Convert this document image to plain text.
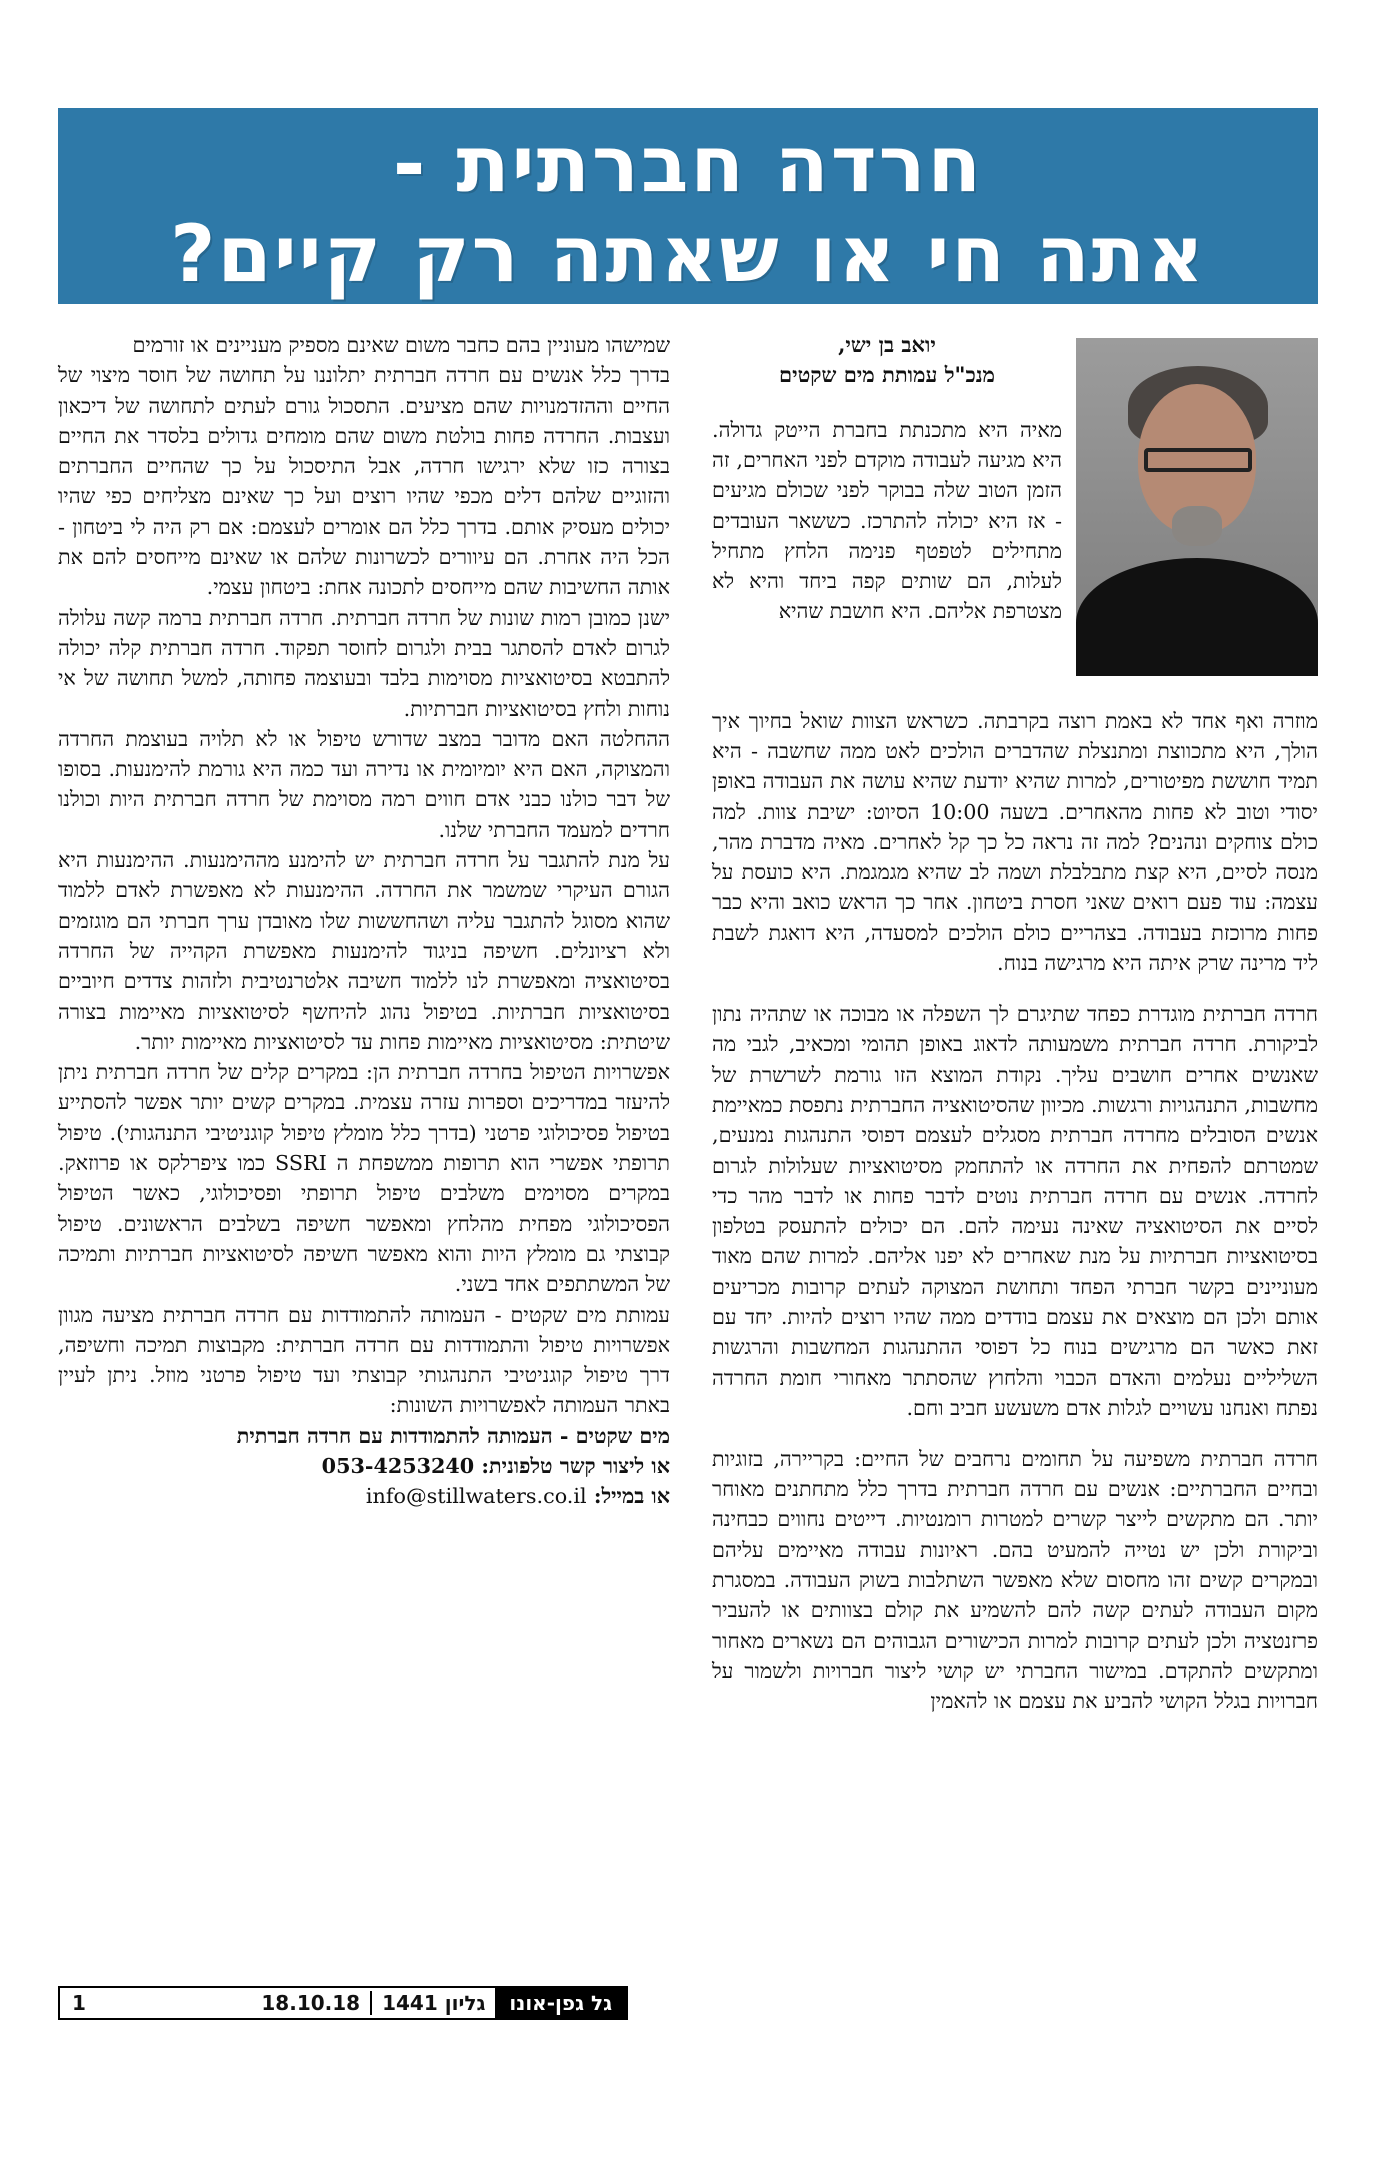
חרדה חברתית -
אתה חי או שאתה רק קיים?
יואב בן ישי,
מנכ"ל עמותת מים שקטים

מאיה היא מתכנתת בחברת הייטק גדולה. היא מגיעה לעבודה מוקדם לפני האחרים, זה הזמן הטוב שלה בבוקר לפני שכולם מגיעים - אז היא יכולה להתרכז. כששאר העובדים מתחילים לטפטף פנימה הלחץ מתחיל לעלות, הם שותים קפה ביחד והיא לא מצטרפת אליהם. היא חושבת שהיא

מוזרה ואף אחד לא באמת רוצה בקרבתה. כשראש הצוות שואל בחיוך איך הולך, היא מתכווצת ומתנצלת שהדברים הולכים לאט ממה שחשבה - היא תמיד חוששת מפיטורים, למרות שהיא יודעת שהיא עושה את העבודה באופן יסודי וטוב לא פחות מהאחרים. בשעה 10:00 הסיוט: ישיבת צוות. למה כולם צוחקים ונהנים? למה זה נראה כל כך קל לאחרים. מאיה מדברת מהר, מנסה לסיים, היא קצת מתבלבלת ושמה לב שהיא מגמגמת. היא כועסת על עצמה: עוד פעם רואים שאני חסרת ביטחון. אחר כך הראש כואב והיא כבר פחות מרוכזת בעבודה. בצהריים כולם הולכים למסעדה, היא דואגת לשבת ליד מרינה שרק איתה היא מרגישה בנוח.

חרדה חברתית מוגדרת כפחד שתיגרם לך השפלה או מבוכה או שתהיה נתון לביקורת. חרדה חברתית משמעותה לדאוג באופן תהומי ומכאיב, לגבי מה שאנשים אחרים חושבים עליך. נקודת המוצא הזו גורמת לשרשרת של מחשבות, התנהגויות ורגשות. מכיוון שהסיטואציה החברתית נתפסת כמאיימת אנשים הסובלים מחרדה חברתית מסגלים לעצמם דפוסי התנהגות נמנעים, שמטרתם להפחית את החרדה או להתחמק מסיטואציות שעלולות לגרום לחרדה. אנשים עם חרדה חברתית נוטים לדבר פחות או לדבר מהר כדי לסיים את הסיטואציה שאינה נעימה להם. הם יכולים להתעסק בטלפון בסיטואציות חברתיות על מנת שאחרים לא יפנו אליהם. למרות שהם מאוד מעוניינים בקשר חברתי הפחד ותחושת המצוקה לעתים קרובות מכריעים אותם ולכן הם מוצאים את עצמם בודדים ממה שהיו רוצים להיות. יחד עם זאת כאשר הם מרגישים בנוח כל דפוסי ההתנהגות המחשבות והרגשות השליליים נעלמים והאדם הכבוי והלחוץ שהסתתר מאחורי חומת החרדה נפתח ואנחנו עשויים לגלות אדם משעשע חביב וחם.

חרדה חברתית משפיעה על תחומים נרחבים של החיים: בקריירה, בזוגיות ובחיים החברתיים: אנשים עם חרדה חברתית בדרך כלל מתחתנים מאוחר יותר. הם מתקשים לייצר קשרים למטרות רומנטיות. דייטים נחווים כבחינה וביקורת ולכן יש נטייה להמעיט בהם. ראיונות עבודה מאיימים עליהם ובמקרים קשים זהו מחסום שלא מאפשר השתלבות בשוק העבודה. במסגרת מקום העבודה לעתים קשה להם להשמיע את קולם בצוותים או להעביר פרזנטציה ולכן לעתים קרובות למרות הכישורים הגבוהים הם נשארים מאחור ומתקשים להתקדם. במישור החברתי יש קושי ליצור חברויות ולשמור על חברויות בגלל הקושי להביע את עצמם או להאמין

שמישהו מעוניין בהם כחבר משום שאינם מספיק מעניינים או זורמים

בדרך כלל אנשים עם חרדה חברתית יתלוננו על תחושה של חוסר מיצוי של החיים וההזדמנויות שהם מציעים. התסכול גורם לעתים לתחושה של דיכאון ועצבות. החרדה פחות בולטת משום שהם מומחים גדולים בלסדר את החיים בצורה כזו שלא ירגישו חרדה, אבל התיסכול על כך שהחיים החברתים והזוגיים שלהם דלים מכפי שהיו רוצים ועל כך שאינם מצליחים כפי שהיו יכולים מעסיק אותם. בדרך כלל הם אומרים לעצמם: אם רק היה לי ביטחון - הכל היה אחרת. הם עיוורים לכשרונות שלהם או שאינם מייחסים להם את אותה החשיבות שהם מייחסים לתכונה אחת: ביטחון עצמי.

ישנן כמובן רמות שונות של חרדה חברתית. חרדה חברתית ברמה קשה עלולה לגרום לאדם להסתגר בבית ולגרום לחוסר תפקוד. חרדה חברתית קלה יכולה להתבטא בסיטואציות מסוימות בלבד ובעוצמה פחותה, למשל תחושה של אי נוחות ולחץ בסיטואציות חברתיות.

ההחלטה האם מדובר במצב שדורש טיפול או לא תלויה בעוצמת החרדה והמצוקה, האם היא יומיומית או נדירה ועד כמה היא גורמת להימנעות. בסופו של דבר כולנו כבני אדם חווים רמה מסוימת של חרדה חברתית היות וכולנו חרדים למעמד החברתי שלנו.

על מנת להתגבר על חרדה חברתית יש להימנע מההימנעות. ההימנעות היא הגורם העיקרי שמשמר את החרדה. ההימנעות לא מאפשרת לאדם ללמוד שהוא מסוגל להתגבר עליה ושהחששות שלו מאובדן ערך חברתי הם מוגזמים ולא רציונלים. חשיפה בניגוד להימנעות מאפשרת הקהייה של החרדה בסיטואציה ומאפשרת לנו ללמוד חשיבה אלטרנטיבית ולזהות צדדים חיוביים בסיטואציות חברתיות. בטיפול נהוג להיחשף לסיטואציות מאיימות בצורה שיטתית: מסיטואציות מאיימות פחות עד לסיטואציות מאיימות יותר.

אפשרויות הטיפול בחרדה חברתית הן: במקרים קלים של חרדה חברתית ניתן להיעזר במדריכים וספרות עזרה עצמית. במקרים קשים יותר אפשר להסתייע בטיפול פסיכולוגי פרטני (בדרך כלל מומלץ טיפול קוגניטיבי התנהגותי). טיפול תרופתי אפשרי הוא תרופות ממשפחת ה SSRI כמו ציפרלקס או פרוזאק. במקרים מסוימים משלבים טיפול תרופתי ופסיכולוגי, כאשר הטיפול הפסיכולוגי מפחית מהלחץ ומאפשר חשיפה בשלבים הראשונים. טיפול קבוצתי גם מומלץ היות והוא מאפשר חשיפה לסיטואציות חברתיות ותמיכה של המשתתפים אחד בשני.

עמותת מים שקטים - העמותה להתמודדות עם חרדה חברתית מציעה מגוון אפשרויות טיפול והתמודדות עם חרדה חברתית: מקבוצות תמיכה וחשיפה, דרך טיפול קוגניטיבי התנהגותי קבוצתי ועד טיפול פרטני מוזל. ניתן לעיין באתר העמותה לאפשרויות השונות:

מים שקטים - העמותה להתמודדות עם חרדה חברתית
או ליצור קשר טלפונית: 053-4253240
או במייל: info@stillwaters.co.il
גל גפן-אונו
גליון 1441
18.10.18
1
